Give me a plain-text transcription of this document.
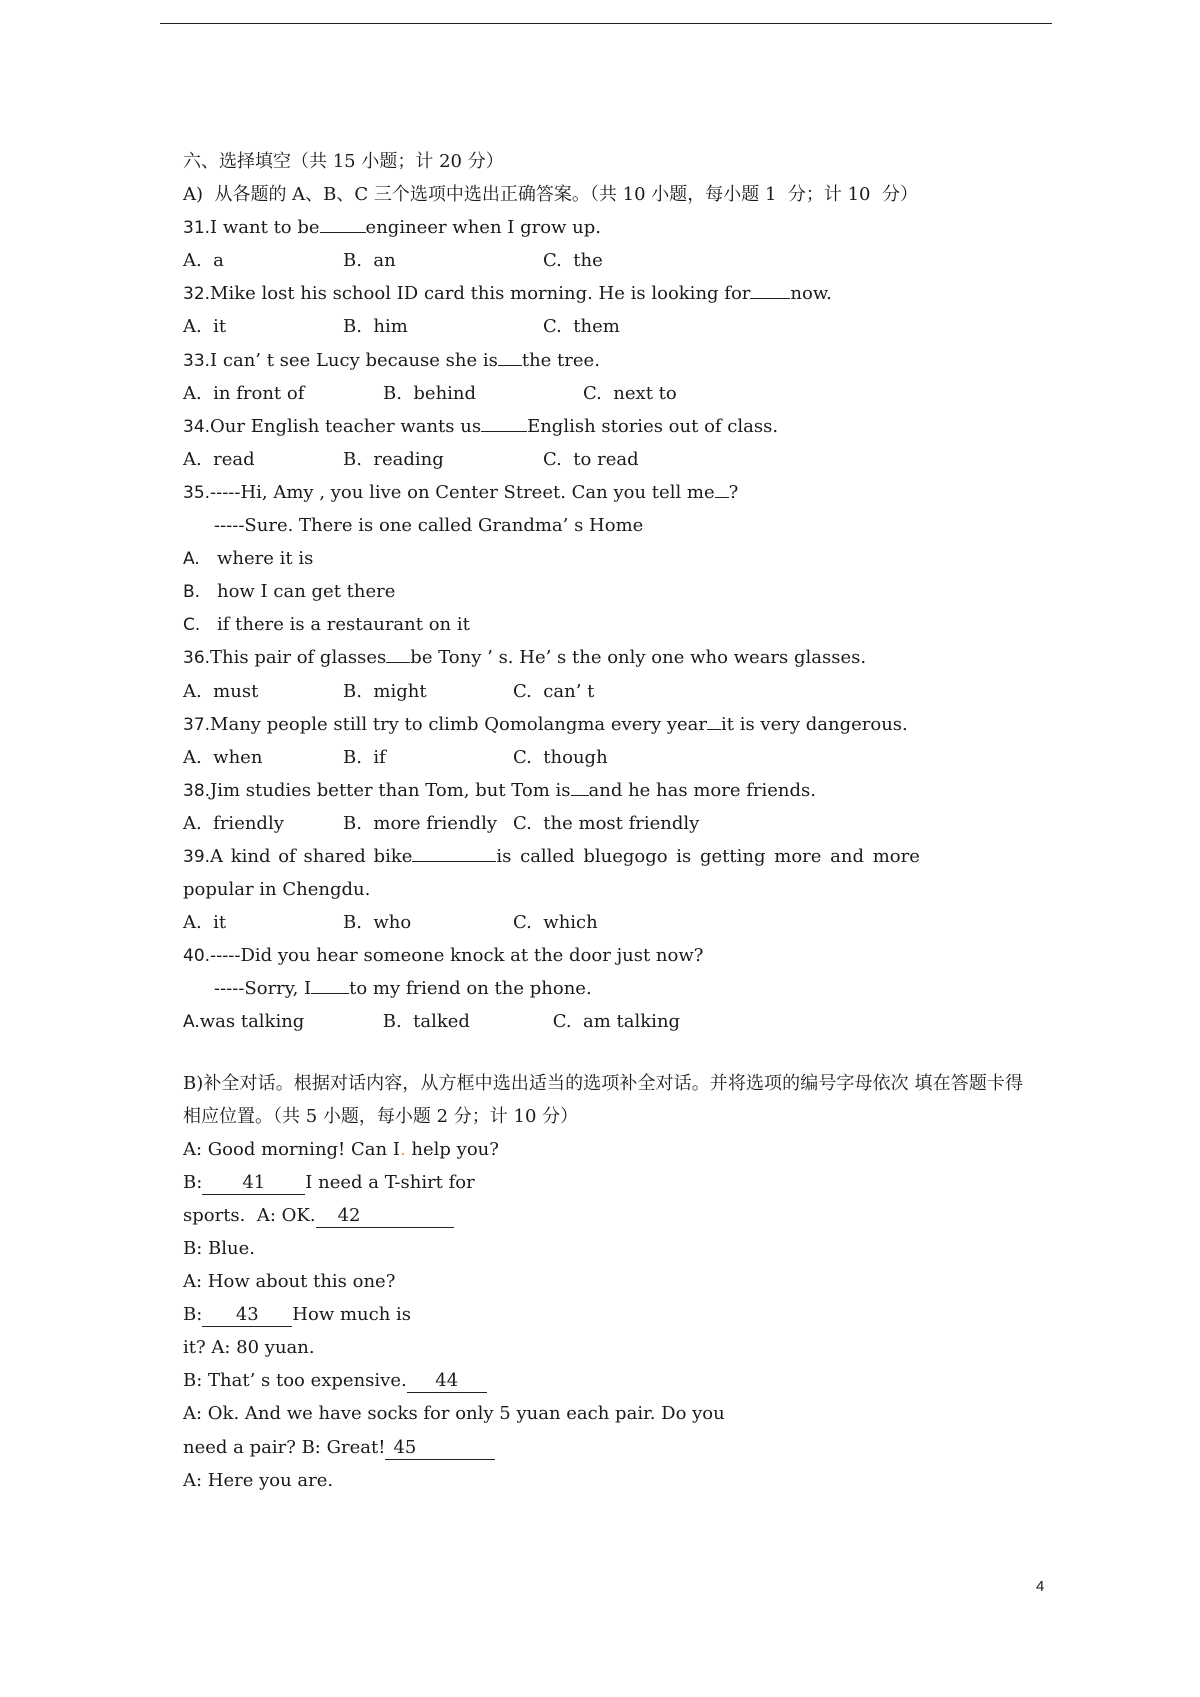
六、选择填空（共 15 小题；计 20 分）
A)  从各题的 A、B、C 三个选项中选出正确答案。（共 10 小题，每小题 1  分；计 10  分）
31.I want to be	engineer when I grow up.
A.  a	B.  an	C.  the
32.Mike lost his school ID card this morning. He is looking for now.
A.  it	B.  him	C.  them
33.I can’ t see Lucy because she is the tree.
A.  in front of	B.  behind	C.  next to
34.Our English teacher wants us	English stories out of class.
A.  read	B.  reading	C.  to read
35.-----Hi, Amy , you live on Center Street. Can you tell me ?
-----Sure. There is one called Grandma’ s Home
A. where it is
B. how I can get there
C. if there is a restaurant on it
36.This pair of glasses be Tony ’ s. He’ s the only one who wears glasses.
A.  must	B.  might	C.  can’ t
37.Many people still try to climb Qomolangma every year it is very dangerous.
A.  when	B.  if	C.  though
38.Jim studies better than Tom, but Tom is and he has more friends.
A.  friendly	B.  more friendly C.  the most friendly
39.A kind of shared bike	is called bluegogo is getting more and more
popular in Chengdu.
A.  it	B.  who	C.  which
40.-----Did you hear someone knock at the door just now?
-----Sorry, I to my friend on the phone.
A.was talking	B.  talked	C.  am talking
B)补全对话。根据对话内容，从方框中选出适当的选项补全对话。并将选项的编号字母依次 填在答题卡得相应位置。（共 5 小题，每小题 2 分；计 10 分）
A: Good morning! Can I. help you?
B: 41 I need a T-shirt for
sports.  A: OK. 42
B: Blue.
A: How about this one?
B: 43 How much is
it? A: 80 yuan.
B: That’ s too expensive. 44
A: Ok. And we have socks for only 5 yuan each pair. Do you
need a pair? B: Great! 45
A: Here you are.
4
